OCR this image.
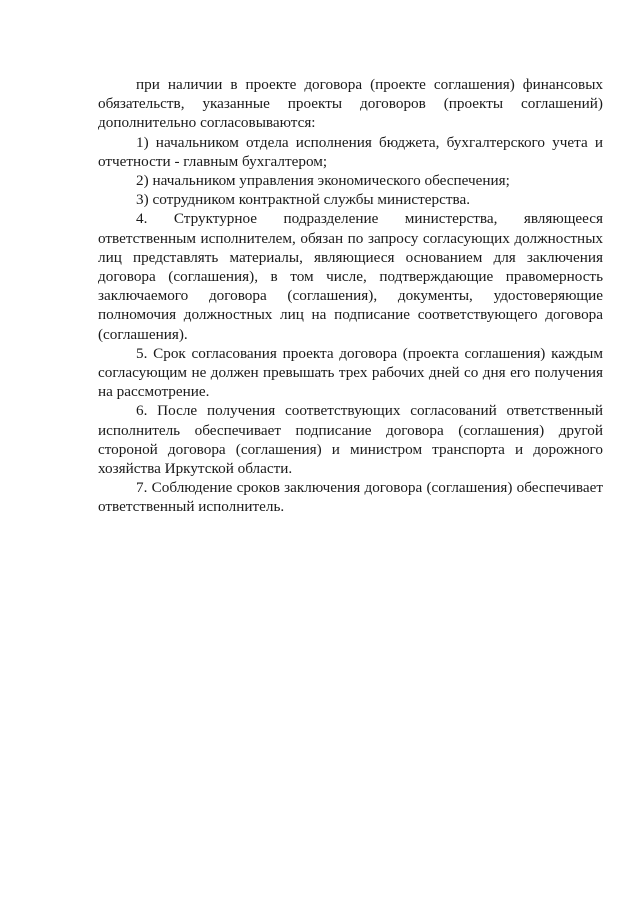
при наличии в проекте договора (проекте соглашения) финансовых обязательств, указанные проекты договоров (проекты соглашений) дополнительно согласовываются:

1) начальником отдела исполнения бюджета, бухгалтерского учета и отчетности - главным бухгалтером;

2) начальником управления экономического обеспечения;

3) сотрудником контрактной службы министерства.

4. Структурное подразделение министерства, являющееся ответственным исполнителем, обязан по запросу согласующих должностных лиц представлять материалы, являющиеся основанием для заключения договора (соглашения), в том числе, подтверждающие правомерность заключаемого договора (соглашения), документы, удостоверяющие полномочия должностных лиц на подписание соответствующего договора (соглашения).

5. Срок согласования проекта договора (проекта соглашения) каждым согласующим не должен превышать трех рабочих дней со дня его получения на рассмотрение.

6. После получения соответствующих согласований ответственный исполнитель обеспечивает подписание договора (соглашения) другой стороной договора (соглашения) и министром транспорта и дорожного хозяйства Иркутской области.

7. Соблюдение сроков заключения договора (соглашения) обеспечивает ответственный исполнитель.
